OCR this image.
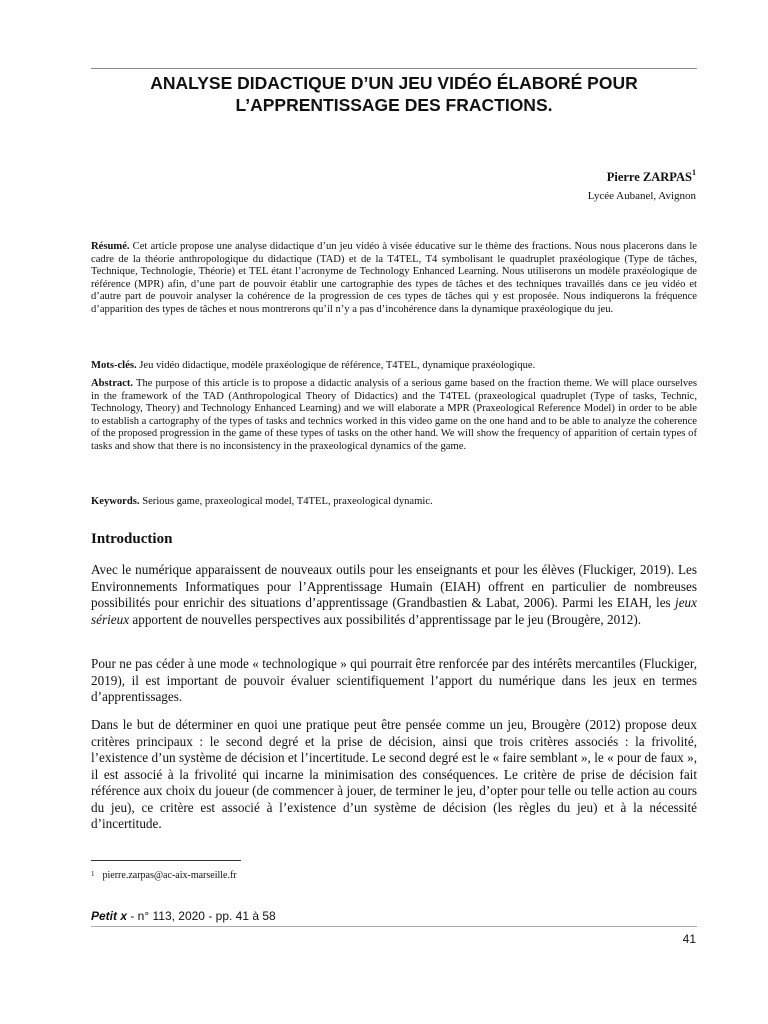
ANALYSE DIDACTIQUE D’UN JEU VIDÉO ÉLABORÉ POUR
L’APPRENTISSAGE DES FRACTIONS.
Pierre ZARPAS$^1$
Lycée Aubanel, Avignon

Résumé. Cet article propose une analyse didactique d’un jeu vidéo à visée éducative sur le thème des fractions. Nous nous placerons dans le cadre de la théorie anthropologique du didactique (TAD) et de la T4TEL, T4 symbolisant le quadruplet praxéologique (Type de tâches, Technique, Technologie, Théorie) et TEL étant l’acronyme de Technology Enhanced Learning. Nous utiliserons un modèle praxéologique de référence (MPR) afin, d’une part de pouvoir établir une cartographie des types de tâches et des techniques travaillés dans ce jeu vidéo et d’autre part de pouvoir analyser la cohérence de la progression de ces types de tâches qui y est proposée. Nous indiquerons la fréquence d’apparition des types de tâches et nous montrerons qu’il n’y a pas d’incohérence dans la dynamique praxéologique du jeu.

Mots-clés. Jeu vidéo didactique, modèle praxéologique de référence, T4TEL, dynamique praxéologique.

Abstract. The purpose of this article is to propose a didactic analysis of a serious game based on the fraction theme. We will place ourselves in the framework of the TAD (Anthropological Theory of Didactics) and the T4TEL (praxeological quadruplet (Type of tasks, Technic, Technology, Theory) and Technology Enhanced Learning) and we will elaborate a MPR (Praxeological Reference Model) in order to be able to establish a cartography of the types of tasks and technics worked in this video game on the one hand and to be able to analyze the coherence of the proposed progression in the game of these types of tasks on the other hand. We will show the frequency of apparition of certain types of tasks and show that there is no inconsistency in the praxeological dynamics of the game.

Keywords. Serious game, praxeological model, T4TEL, praxeological dynamic.

Introduction

Avec le numérique apparaissent de nouveaux outils pour les enseignants et pour les élèves (Fluckiger, 2019). Les Environnements Informatiques pour l’Apprentissage Humain (EIAH) offrent en particulier de nombreuses possibilités pour enrichir des situations d’apprentissage (Grandbastien & Labat, 2006). Parmi les EIAH, les jeux sérieux apportent de nouvelles perspectives aux possibilités d’apprentissage par le jeu (Brougère, 2012).

Pour ne pas céder à une mode « technologique » qui pourrait être renforcée par des intérêts mercantiles (Fluckiger, 2019), il est important de pouvoir évaluer scientifiquement l’apport du numérique dans les jeux en termes d’apprentissages.

Dans le but de déterminer en quoi une pratique peut être pensée comme un jeu, Brougère (2012) propose deux critères principaux : le second degré et la prise de décision, ainsi que trois critères associés : la frivolité, l’existence d’un système de décision et l’incertitude. Le second degré est le « faire semblant », le « pour de faux », il est associé à la frivolité qui incarne la minimisation des conséquences. Le critère de prise de décision fait référence aux choix du joueur (de commencer à jouer, de terminer le jeu, d’opter pour telle ou telle action au cours du jeu), ce critère est associé à l’existence d’un système de décision (les règles du jeu) et à la nécessité d’incertitude.

$^1$ pierre.zarpas@ac-aix-marseille.fr
Petit x - n° 113, 2020 - pp. 41 à 58
41
